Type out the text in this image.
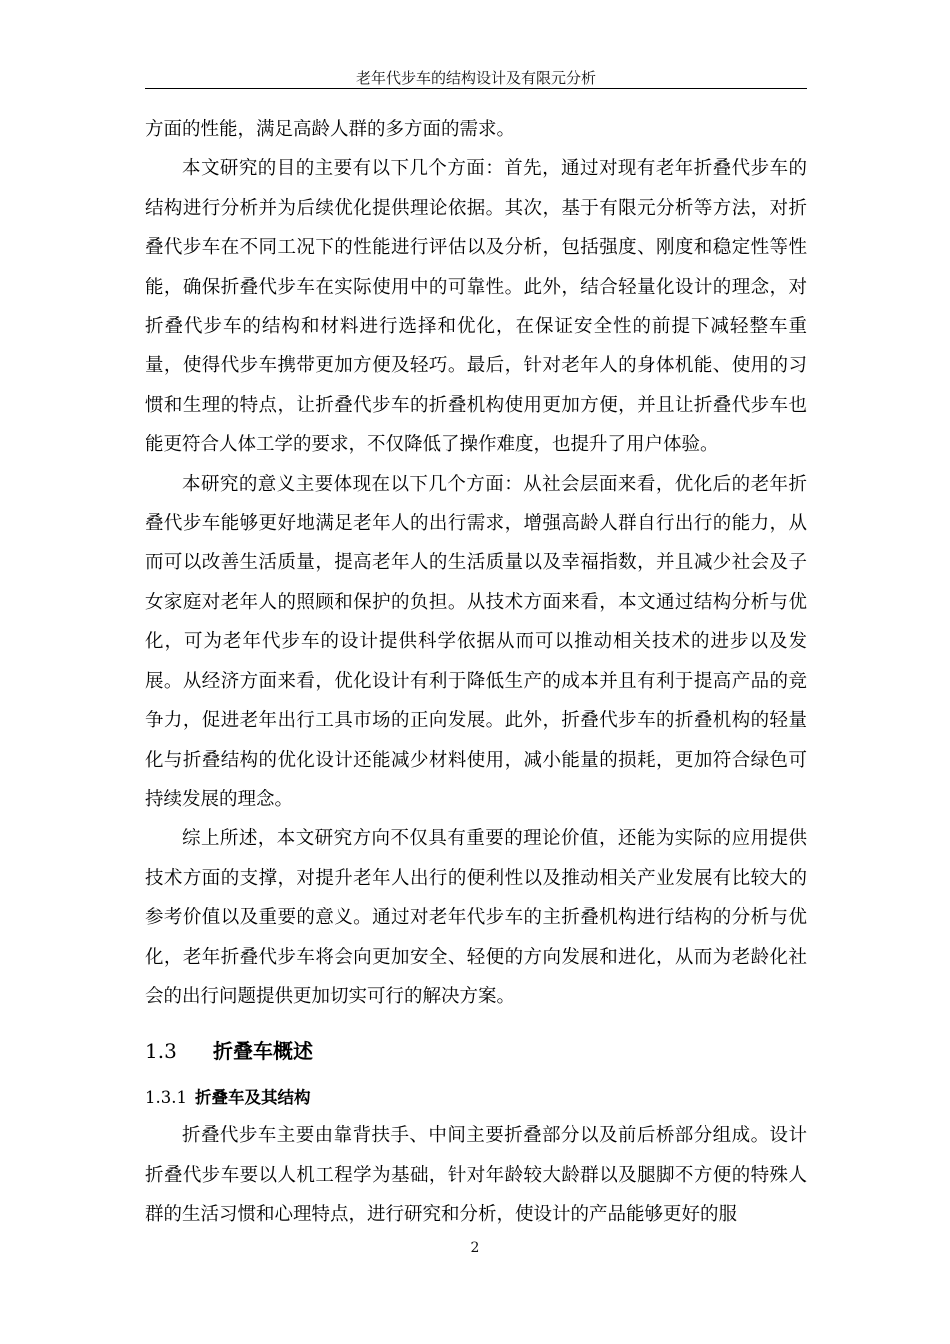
老年代步车的结构设计及有限元分析

方面的性能，满足高龄人群的多方面的需求。

本文研究的目的主要有以下几个方面：首先，通过对现有老年折叠代步车的结构进行分析并为后续优化提供理论依据。其次，基于有限元分析等方法，对折叠代步车在不同工况下的性能进行评估以及分析，包括强度、刚度和稳定性等性能，确保折叠代步车在实际使用中的可靠性。此外，结合轻量化设计的理念，对折叠代步车的结构和材料进行选择和优化，在保证安全性的前提下减轻整车重量，使得代步车携带更加方便及轻巧。最后，针对老年人的身体机能、使用的习惯和生理的特点，让折叠代步车的折叠机构使用更加方便，并且让折叠代步车也能更符合人体工学的要求，不仅降低了操作难度，也提升了用户体验。

本研究的意义主要体现在以下几个方面：从社会层面来看，优化后的老年折叠代步车能够更好地满足老年人的出行需求，增强高龄人群自行出行的能力，从而可以改善生活质量，提高老年人的生活质量以及幸福指数，并且减少社会及子女家庭对老年人的照顾和保护的负担。从技术方面来看，本文通过结构分析与优化，可为老年代步车的设计提供科学依据从而可以推动相关技术的进步以及发展。从经济方面来看，优化设计有利于降低生产的成本并且有利于提高产品的竞争力，促进老年出行工具市场的正向发展。此外，折叠代步车的折叠机构的轻量化与折叠结构的优化设计还能减少材料使用，减小能量的损耗，更加符合绿色可持续发展的理念。

综上所述，本文研究方向不仅具有重要的理论价值，还能为实际的应用提供技术方面的支撑，对提升老年人出行的便利性以及推动相关产业发展有比较大的参考价值以及重要的意义。通过对老年代步车的主折叠机构进行结构的分析与优化，老年折叠代步车将会向更加安全、轻便的方向发展和进化，从而为老龄化社会的出行问题提供更加切实可行的解决方案。

1.3 折叠车概述
1.3.1 折叠车及其结构

折叠代步车主要由靠背扶手、中间主要折叠部分以及前后桥部分组成。设计折叠代步车要以人机工程学为基础，针对年龄较大龄群以及腿脚不方便的特殊人群的生活习惯和心理特点，进行研究和分析，使设计的产品能够更好的服

2
